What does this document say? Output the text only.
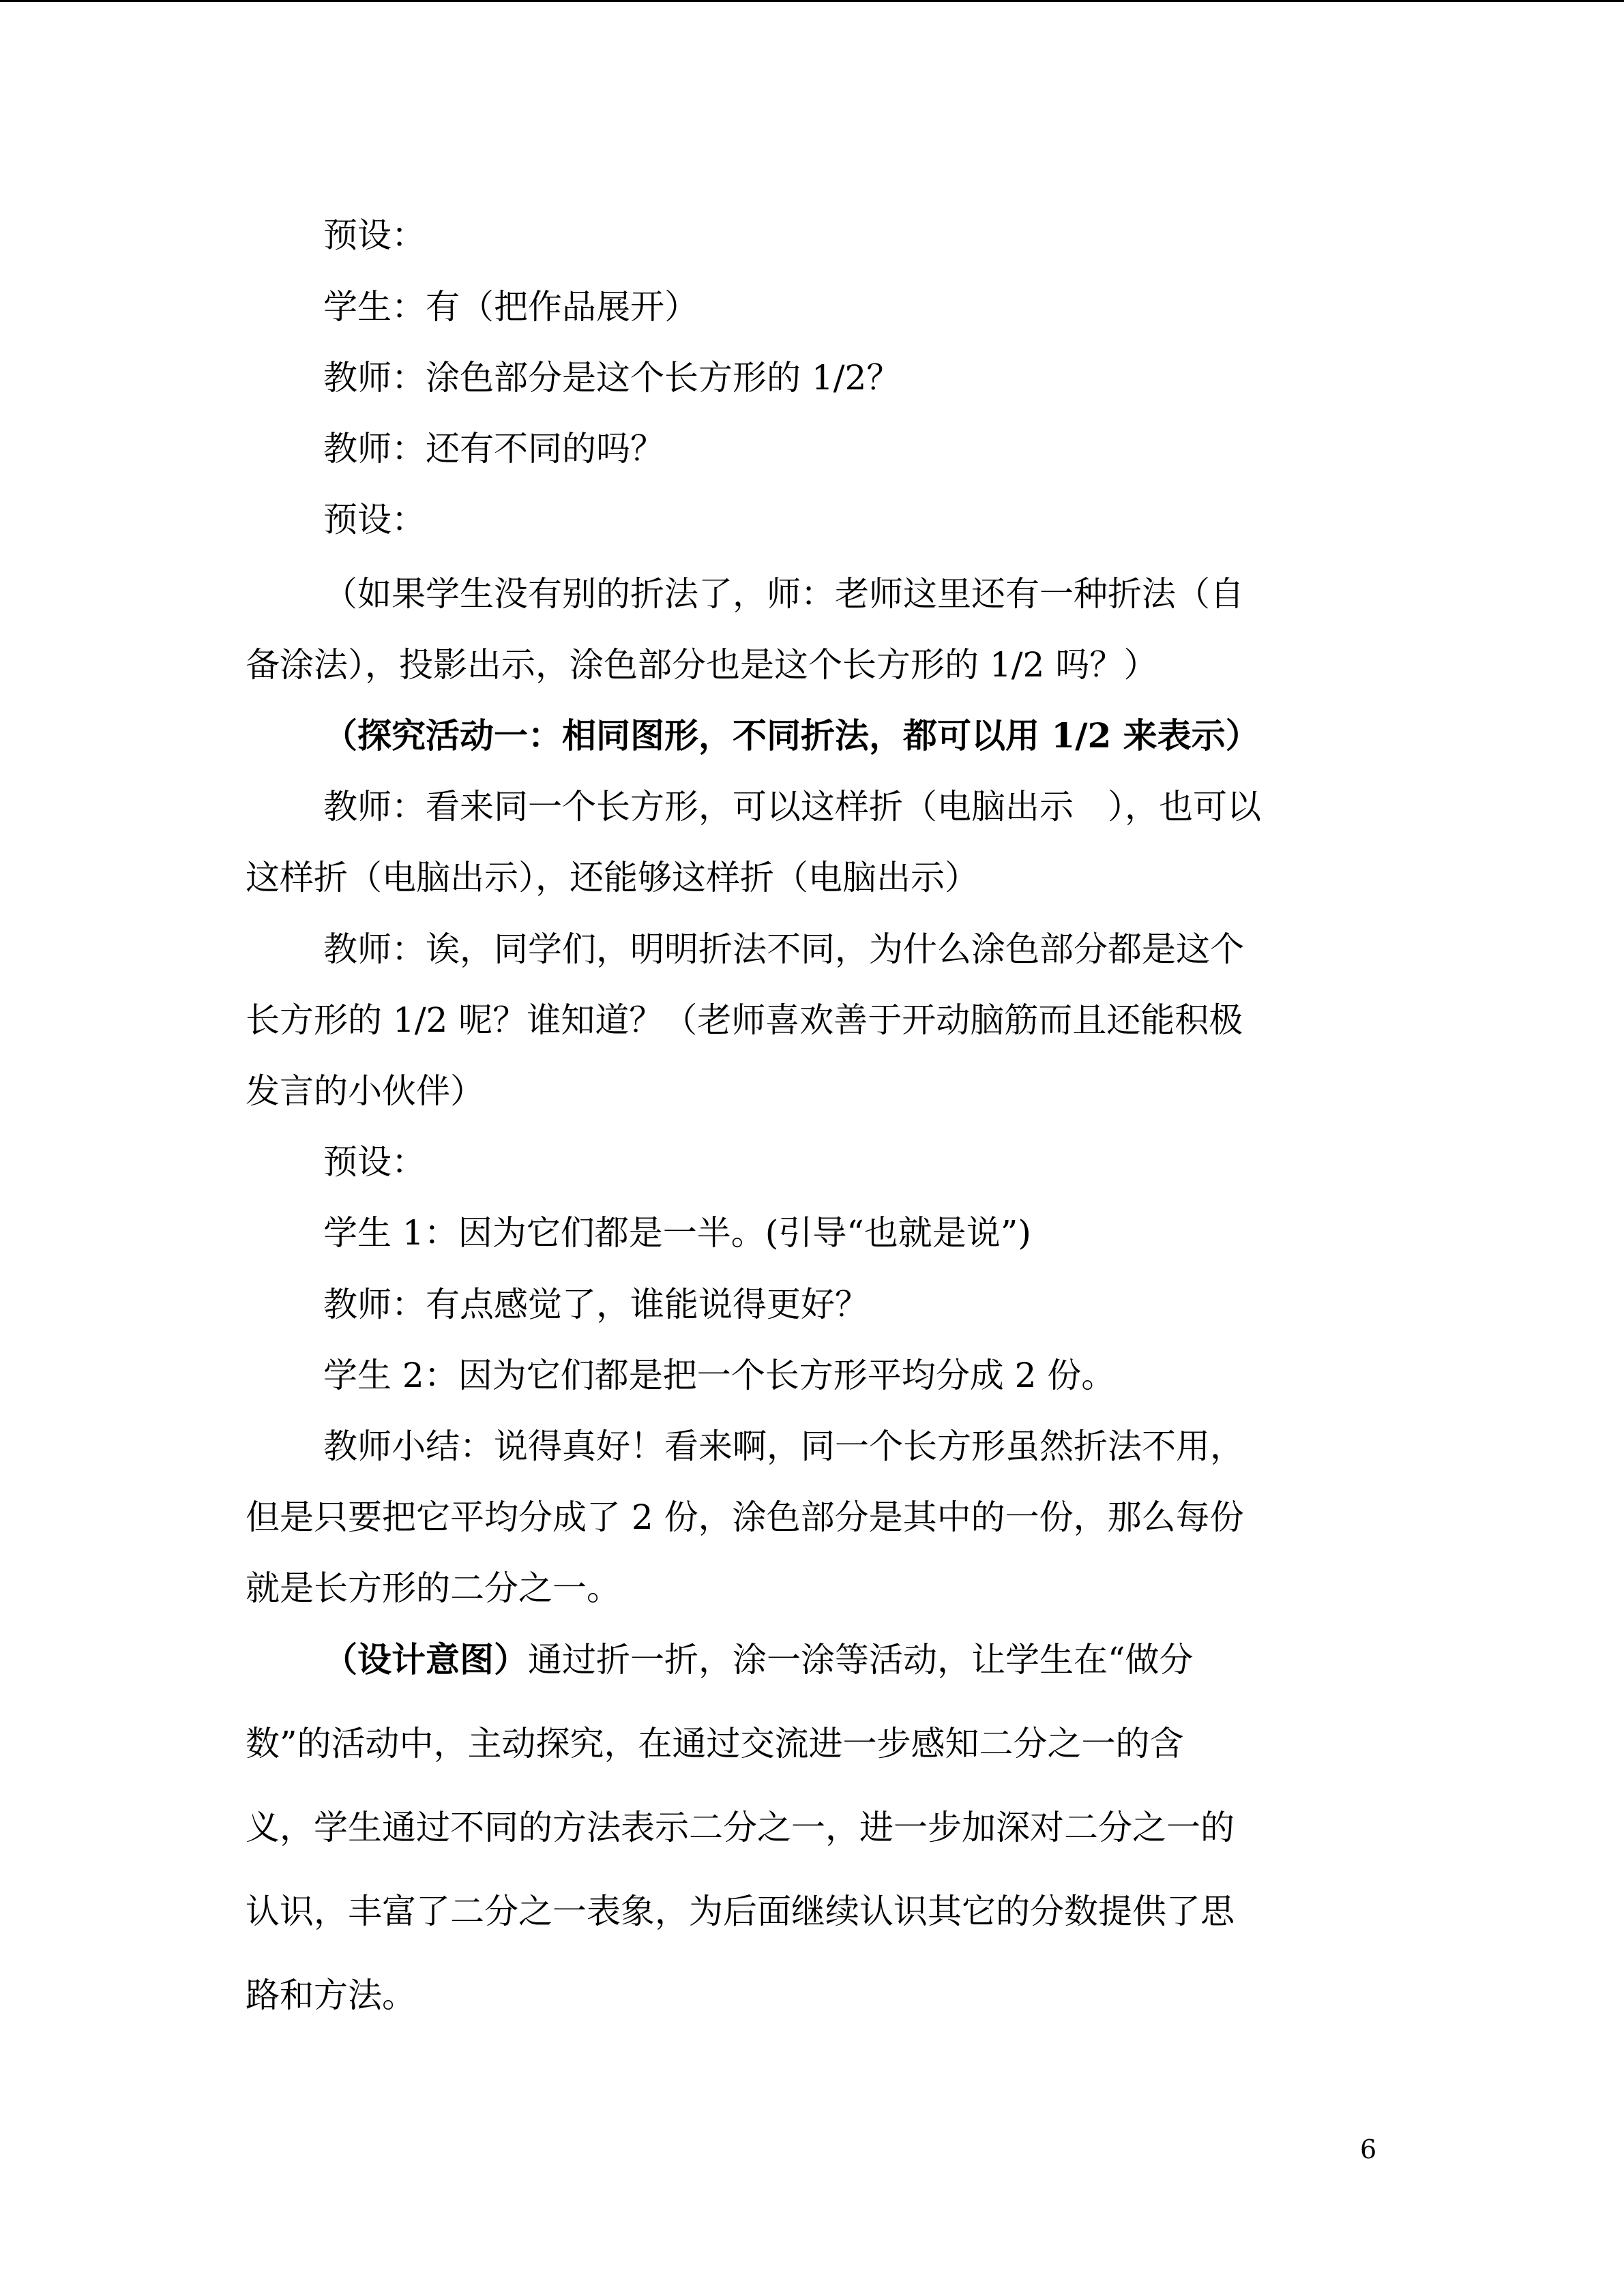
预设：
学生：有（把作品展开）
教师：涂色部分是这个长方形的 1/2？
教师：还有不同的吗？
预设：
（如果学生没有别的折法了，师：老师这里还有一种折法（自
备涂法），投影出示，涂色部分也是这个长方形的 1/2 吗？）
（探究活动一：相同图形，不同折法，都可以用 1/2 来表示）
教师：看来同一个长方形，可以这样折（电脑出示 ），也可以
这样折（电脑出示），还能够这样折（电脑出示）
教师：诶，同学们，明明折法不同，为什么涂色部分都是这个
长方形的 1/2 呢？谁知道？（老师喜欢善于开动脑筋而且还能积极
发言的小伙伴）
预设：
学生 1：因为它们都是一半。(引导“也就是说”)
教师：有点感觉了，谁能说得更好？
学生 2：因为它们都是把一个长方形平均分成 2 份。
教师小结：说得真好！看来啊，同一个长方形虽然折法不用，
但是只要把它平均分成了 2 份，涂色部分是其中的一份，那么每份
就是长方形的二分之一。
（设计意图）通过折一折，涂一涂等活动，让学生在“做分
数”的活动中，主动探究，在通过交流进一步感知二分之一的含
义，学生通过不同的方法表示二分之一，进一步加深对二分之一的
认识，丰富了二分之一表象，为后面继续认识其它的分数提供了思
路和方法。
6
